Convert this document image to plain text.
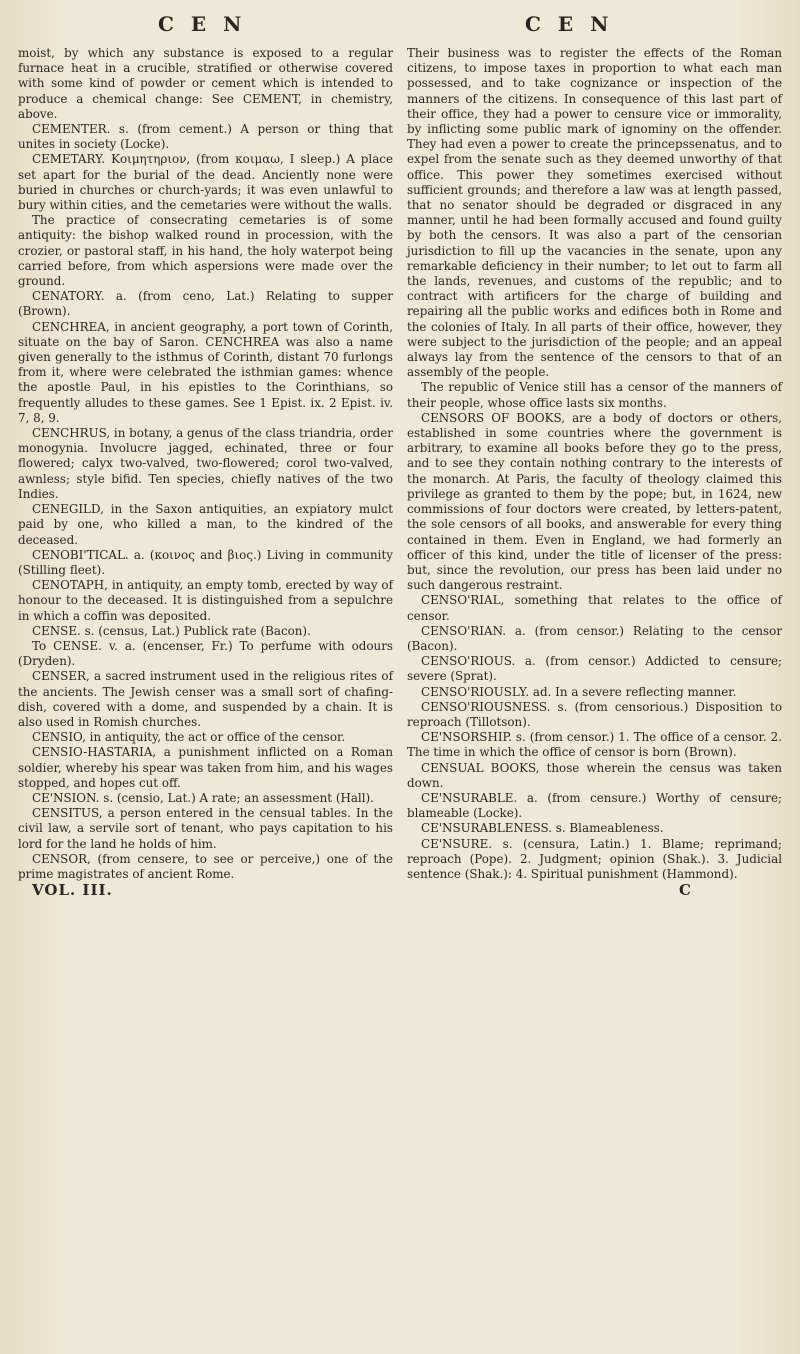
C E N	C E N

moist, by which any substance is exposed to a regular furnace heat in a crucible, stratified or otherwise covered with some kind of powder or cement which is intended to produce a chemical change: See CEMENT, in chemistry, above.

CEMENTER. s. (from cement.) A person or thing that unites in society (Locke).

CEMETARY. Κοιμητηριον, (from κοιμαω, I sleep.) A place set apart for the burial of the dead. Anciently none were buried in churches or church-yards; it was even unlawful to bury within cities, and the cemetaries were without the walls.

The practice of consecrating cemetaries is of some antiquity: the bishop walked round in procession, with the crozier, or pastoral staff, in his hand, the holy waterpot being carried before, from which aspersions were made over the ground.

CENATORY. a. (from ceno, Lat.) Relating to supper (Brown).

CENCHREA, in ancient geography, a port town of Corinth, situate on the bay of Saron. CENCHREA was also a name given generally to the isthmus of Corinth, distant 70 furlongs from it, where were celebrated the isthmian games: whence the apostle Paul, in his epistles to the Corinthians, so frequently alludes to these games. See 1 Epist. ix. 2 Epist. iv. 7, 8, 9.

CENCHRUS, in botany, a genus of the class triandria, order monogynia. Involucre jagged, echinated, three or four flowered; calyx two-valved, two-flowered; corol two-valved, awnless; style bifid. Ten species, chiefly natives of the two Indies.

CENEGILD, in the Saxon antiquities, an expiatory mulct paid by one, who killed a man, to the kindred of the deceased.

CENOBI'TICAL. a. (κοινος and βιος.) Living in community (Stilling fleet).

CENOTAPH, in antiquity, an empty tomb, erected by way of honour to the deceased. It is distinguished from a sepulchre in which a coffin was deposited.

CENSE. s. (census, Lat.) Publick rate (Bacon).

To CENSE. v. a. (encenser, Fr.) To perfume with odours (Dryden).

CENSER, a sacred instrument used in the religious rites of the ancients. The Jewish censer was a small sort of chafing-dish, covered with a dome, and suspended by a chain. It is also used in Romish churches.

CENSIO, in antiquity, the act or office of the censor.

CENSIO-HASTARIA, a punishment inflicted on a Roman soldier, whereby his spear was taken from him, and his wages stopped, and hopes cut off.

CE'NSION. s. (censio, Lat.) A rate; an assessment (Hall).

CENSITUS, a person entered in the censual tables. In the civil law, a servile sort of tenant, who pays capitation to his lord for the land he holds of him.

CENSOR, (from censere, to see or perceive,) one of the prime magistrates of ancient Rome.

VOL. III.

Their business was to register the effects of the Roman citizens, to impose taxes in proportion to what each man possessed, and to take cognizance or inspection of the manners of the citizens. In consequence of this last part of their office, they had a power to censure vice or immorality, by inflicting some public mark of ignominy on the offender. They had even a power to create the princepssenatus, and to expel from the senate such as they deemed unworthy of that office. This power they sometimes exercised without sufficient grounds; and therefore a law was at length passed, that no senator should be degraded or disgraced in any manner, until he had been formally accused and found guilty by both the censors. It was also a part of the censorian jurisdiction to fill up the vacancies in the senate, upon any remarkable deficiency in their number; to let out to farm all the lands, revenues, and customs of the republic; and to contract with artificers for the charge of building and repairing all the public works and edifices both in Rome and the colonies of Italy. In all parts of their office, however, they were subject to the jurisdiction of the people; and an appeal always lay from the sentence of the censors to that of an assembly of the people.

The republic of Venice still has a censor of the manners of their people, whose office lasts six months.

CENSORS OF BOOKS, are a body of doctors or others, established in some countries where the government is arbitrary, to examine all books before they go to the press, and to see they contain nothing contrary to the interests of the monarch. At Paris, the faculty of theology claimed this privilege as granted to them by the pope; but, in 1624, new commissions of four doctors were created, by letters-patent, the sole censors of all books, and answerable for every thing contained in them. Even in England, we had formerly an officer of this kind, under the title of licenser of the press: but, since the revolution, our press has been laid under no such dangerous restraint.

CENSO'RIAL, something that relates to the office of censor.

CENSO'RIAN. a. (from censor.) Relating to the censor (Bacon).

CENSO'RIOUS. a. (from censor.) Addicted to censure; severe (Sprat).

CENSO'RIOUSLY. ad. In a severe reflecting manner.

CENSO'RIOUSNESS. s. (from censorious.) Disposition to reproach (Tillotson).

CE'NSORSHIP. s. (from censor.) 1. The office of a censor. 2. The time in which the office of censor is born (Brown).

CENSUAL BOOKS, those wherein the census was taken down.

CE'NSURABLE. a. (from censure.) Worthy of censure; blameable (Locke).

CE'NSURABLENESS. s. Blameableness.

CE'NSURE. s. (censura, Latin.) 1. Blame; reprimand; reproach (Pope). 2. Judgment; opinion (Shak.). 3. Judicial sentence (Shak.): 4. Spiritual punishment (Hammond).

C
